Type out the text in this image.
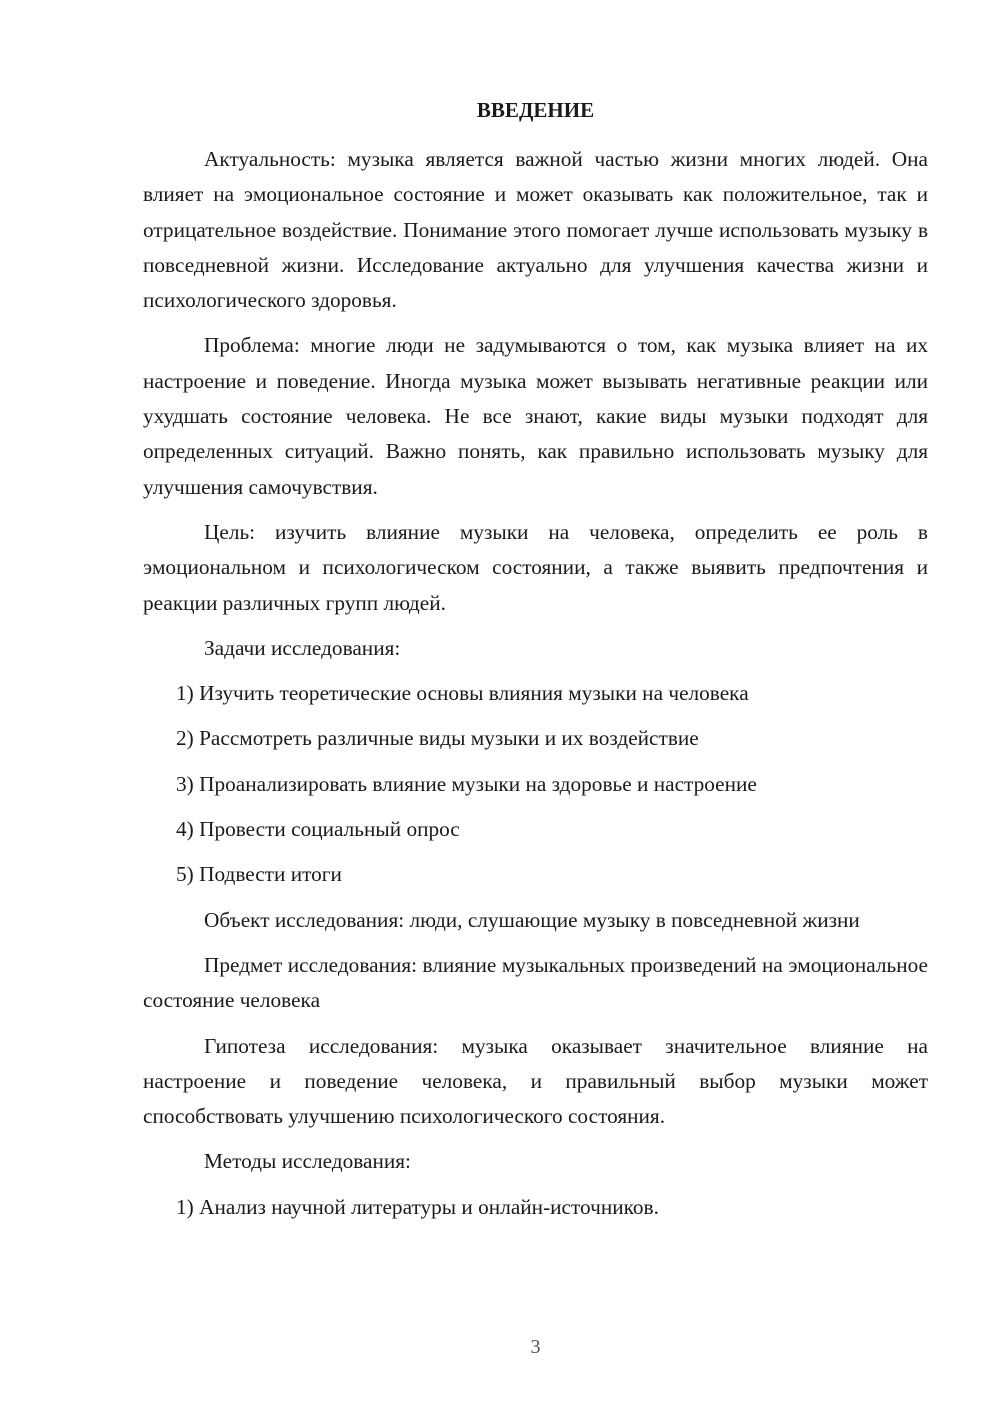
ВВЕДЕНИЕ

Актуальность: музыка является важной частью жизни многих людей. Она влияет на эмоциональное состояние и может оказывать как положительное, так и отрицательное воздействие. Понимание этого помогает лучше использовать музыку в повседневной жизни. Исследование актуально для улучшения качества жизни и психологического здоровья.

Проблема: многие люди не задумываются о том, как музыка влияет на их настроение и поведение. Иногда музыка может вызывать негативные реакции или ухудшать состояние человека. Не все знают, какие виды музыки подходят для определенных ситуаций. Важно понять, как правильно использовать музыку для улучшения самочувствия.

Цель: изучить влияние музыки на человека, определить ее роль в эмоциональном и психологическом состоянии, а также выявить предпочтения и реакции различных групп людей.

Задачи исследования:

1) Изучить теоретические основы влияния музыки на человека

2) Рассмотреть различные виды музыки и их воздействие

3) Проанализировать влияние музыки на здоровье и настроение

4) Провести социальный опрос

5) Подвести итоги

Объект исследования: люди, слушающие музыку в повседневной жизни

Предмет исследования: влияние музыкальных произведений на эмоциональное состояние человека

Гипотеза исследования: музыка оказывает значительное влияние на настроение и поведение человека, и правильный выбор музыки может способствовать улучшению психологического состояния.

Методы исследования:

1) Анализ научной литературы и онлайн-источников.

3
